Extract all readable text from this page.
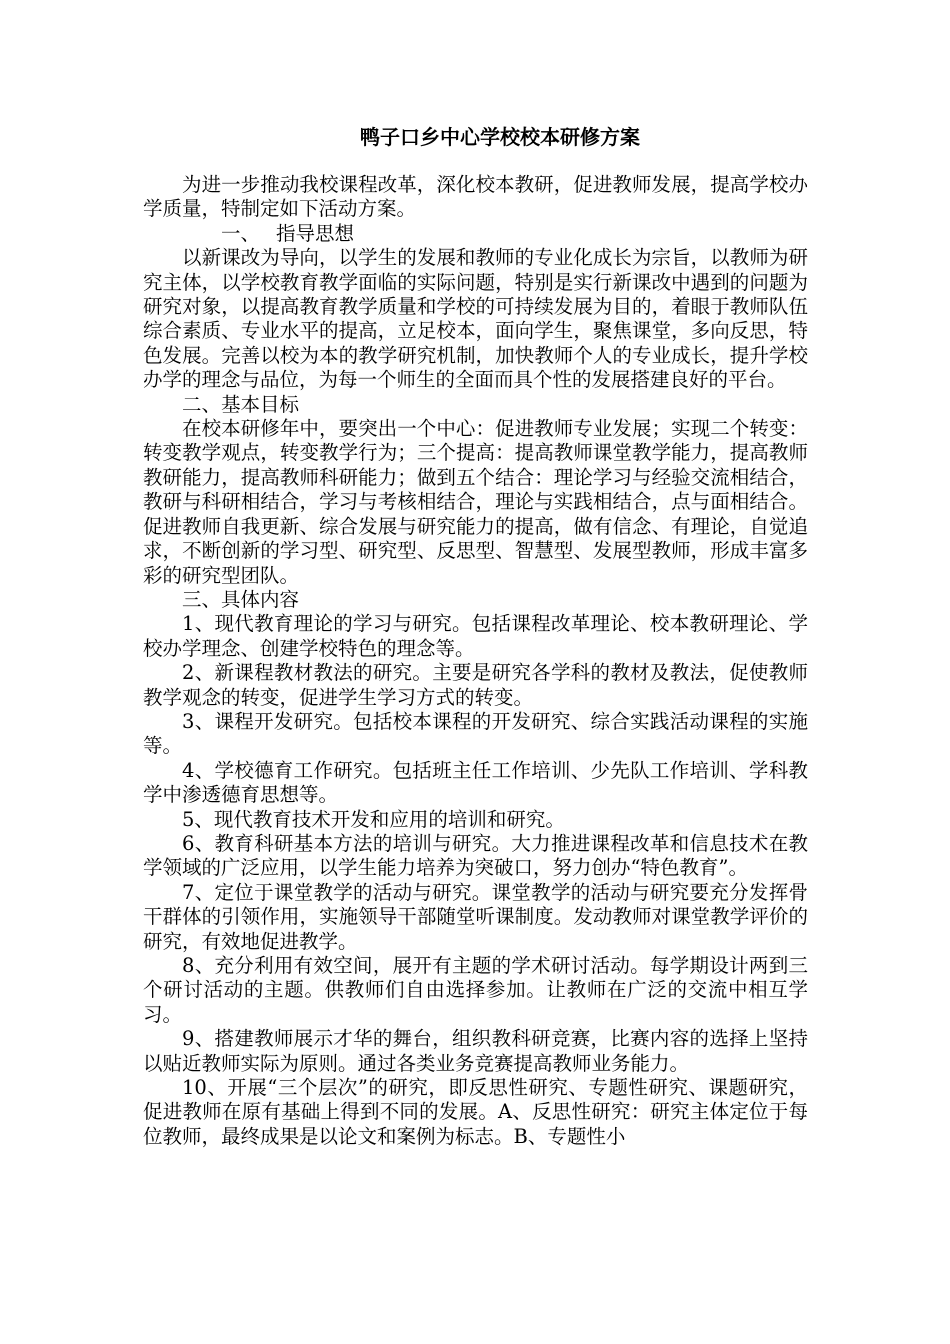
鸭子口乡中心学校校本研修方案

为进一步推动我校课程改革，深化校本教研，促进教师发展，提高学校办学质量，特制定如下活动方案。

一、 指导思想

以新课改为导向，以学生的发展和教师的专业化成长为宗旨，以教师为研究主体，以学校教育教学面临的实际问题，特别是实行新课改中遇到的问题为研究对象，以提高教育教学质量和学校的可持续发展为目的，着眼于教师队伍综合素质、专业水平的提高，立足校本，面向学生，聚焦课堂，多向反思，特色发展。完善以校为本的教学研究机制，加快教师个人的专业成长，提升学校办学的理念与品位，为每一个师生的全面而具个性的发展搭建良好的平台。

二、基本目标

在校本研修年中，要突出一个中心：促进教师专业发展；实现二个转变：转变教学观点，转变教学行为；三个提高：提高教师课堂教学能力，提高教师教研能力，提高教师科研能力；做到五个结合：理论学习与经验交流相结合，教研与科研相结合，学习与考核相结合，理论与实践相结合，点与面相结合。促进教师自我更新、综合发展与研究能力的提高，做有信念、有理论，自觉追求，不断创新的学习型、研究型、反思型、智慧型、发展型教师，形成丰富多彩的研究型团队。

三、具体内容

1、现代教育理论的学习与研究。包括课程改革理论、校本教研理论、学校办学理念、创建学校特色的理念等。

2、新课程教材教法的研究。主要是研究各学科的教材及教法，促使教师教学观念的转变，促进学生学习方式的转变。

3、课程开发研究。包括校本课程的开发研究、综合实践活动课程的实施等。

4、学校德育工作研究。包括班主任工作培训、少先队工作培训、学科教学中渗透德育思想等。

5、现代教育技术开发和应用的培训和研究。

6、教育科研基本方法的培训与研究。大力推进课程改革和信息技术在教学领域的广泛应用，以学生能力培养为突破口，努力创办“特色教育”。

7、定位于课堂教学的活动与研究。课堂教学的活动与研究要充分发挥骨干群体的引领作用，实施领导干部随堂听课制度。发动教师对课堂教学评价的研究，有效地促进教学。

8、充分利用有效空间，展开有主题的学术研讨活动。每学期设计两到三个研讨活动的主题。供教师们自由选择参加。让教师在广泛的交流中相互学习。

9、搭建教师展示才华的舞台，组织教科研竞赛，比赛内容的选择上坚持以贴近教师实际为原则。通过各类业务竞赛提高教师业务能力。

10、开展“三个层次”的研究，即反思性研究、专题性研究、课题研究，促进教师在原有基础上得到不同的发展。A、反思性研究：研究主体定位于每位教师，最终成果是以论文和案例为标志。B、专题性小
